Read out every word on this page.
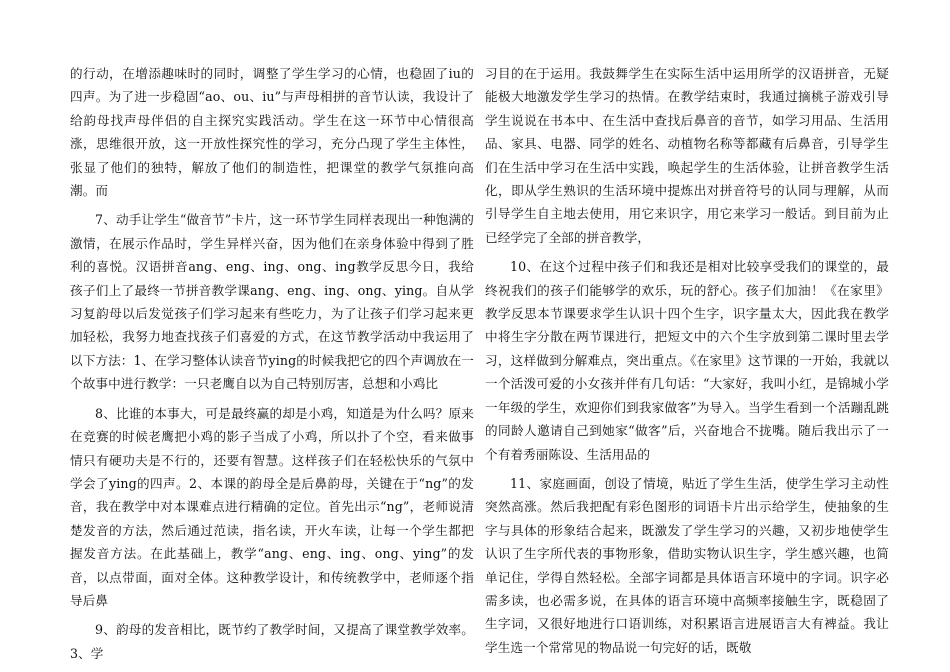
的行动，在增添趣味时的同时，调整了学生学习的心情，也稳固了iu的四声。为了进一步稳固“ao、ou、iu”与声母相拼的音节认读，我设计了给韵母找声母伴侣的自主探究实践活动。学生在这一环节中心情很高涨，思维很开放，这一开放性探究性的学习，充分凸现了学生主体性，张显了他们的独特，解放了他们的制造性，把课堂的教学气氛推向高潮。而

7、动手让学生“做音节”卡片，这一环节学生同样表现出一种饱满的激情，在展示作品时，学生异样兴奋，因为他们在亲身体验中得到了胜利的喜悦。汉语拼音ang、eng、ing、ong、ing教学反思今日，我给孩子们上了最终一节拼音教学课ang、eng、ing、ong、ying。自从学习复韵母以后发觉孩子们学习起来有些吃力，为了让孩子们学习起来更加轻松，我努力地查找孩子们喜爱的方式，在这节教学活动中我运用了以下方法：1、在学习整体认读音节ying的时候我把它的四个声调放在一个故事中进行教学：一只老鹰自以为自己特别厉害，总想和小鸡比

8、比谁的本事大，可是最终赢的却是小鸡，知道是为什么吗？原来在竞赛的时候老鹰把小鸡的影子当成了小鸡，所以扑了个空，看来做事情只有硬功夫是不行的，还要有智慧。这样孩子们在轻松快乐的气氛中学会了ying的四声。2、本课的韵母全是后鼻韵母，关键在于“ng”的发音，我在教学中对本课难点进行精确的定位。首先出示“ng”，老师说清楚发音的方法，然后通过范读，指名读，开火车读，让每一个学生都把握发音方法。在此基础上，教学“ang、eng、ing、ong、ying”的发音，以点带面，面对全体。这种教学设计，和传统教学中，老师逐个指导后鼻

9、韵母的发音相比，既节约了教学时间，又提高了课堂教学效率。3、学

习目的在于运用。我鼓舞学生在实际生活中运用所学的汉语拼音，无疑能极大地激发学生学习的热情。在教学结束时，我通过摘桃子游戏引导学生说说在书本中、在生活中查找后鼻音的音节，如学习用品、生活用品、家具、电器、同学的姓名、动植物名称等都藏有后鼻音，引导学生们在生活中学习在生活中实践，唤起学生的生活体验，让拼音教学生活化，即从学生熟识的生活环境中提炼出对拼音符号的认同与理解，从而引导学生自主地去使用，用它来识字，用它来学习一般话。到目前为止已经学完了全部的拼音教学，

10、在这个过程中孩子们和我还是相对比较享受我们的课堂的，最终祝我们的孩子们能够学的欢乐，玩的舒心。孩子们加油！《在家里》教学反思本节课要求学生认识十四个生字，识字量太大，因此我在教学中将生字分散在两节课进行，把短文中的六个生字放到第二课时里去学习，这样做到分解难点，突出重点。《在家里》这节课的一开始，我就以一个活泼可爱的小女孩并伴有几句话：“大家好，我叫小红，是锦城小学一年级的学生，欢迎你们到我家做客”为导入。当学生看到一个活蹦乱跳的同龄人邀请自己到她家“做客”后，兴奋地合不拢嘴。随后我出示了一个有着秀丽陈设、生活用品的

11、家庭画面，创设了情境，贴近了学生生活，使学生学习主动性突然高涨。然后我把配有彩色图形的词语卡片出示给学生，使抽象的生字与具体的形象结合起来，既激发了学生学习的兴趣，又初步地使学生认识了生字所代表的事物形象，借助实物认识生字，学生感兴趣，也简单记住，学得自然轻松。全部字词都是具体语言环境中的字词。识字必需多读，也必需多说，在具体的语言环境中高频率接触生字，既稳固了生字词，又很好地进行口语训练，对积累语言进展语言大有裨益。我让学生选一个常常见的物品说一句完好的话，既敬
